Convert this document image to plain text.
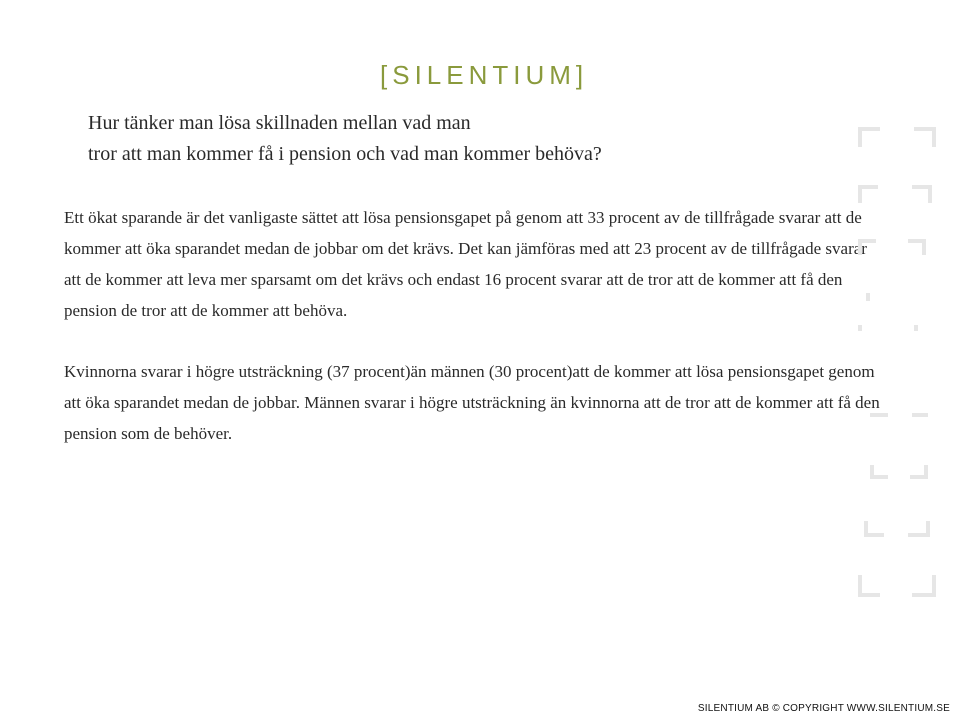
[SILENTIUM]
Hur tänker man lösa skillnaden mellan vad man
tror att man kommer få i pension och vad man kommer behöva?

Ett ökat sparande är det vanligaste sättet att lösa pensionsgapet på genom att 33 procent av de tillfrågade svarar att de kommer att öka sparandet medan de jobbar om det krävs. Det kan jämföras med att 23 procent av de tillfrågade svarar att de kommer att leva mer sparsamt om det krävs och endast 16 procent svarar att de tror att de kommer att få den pension de tror att de kommer att behöva.

Kvinnorna svarar i högre utsträckning (37 procent)än männen (30 procent)att de kommer att lösa pensionsgapet genom att öka sparandet medan de jobbar. Männen svarar i högre utsträckning än kvinnorna att de tror att de kommer att få den pension som de behöver.

SILENTIUM AB © COPYRIGHT WWW.SILENTIUM.SE
